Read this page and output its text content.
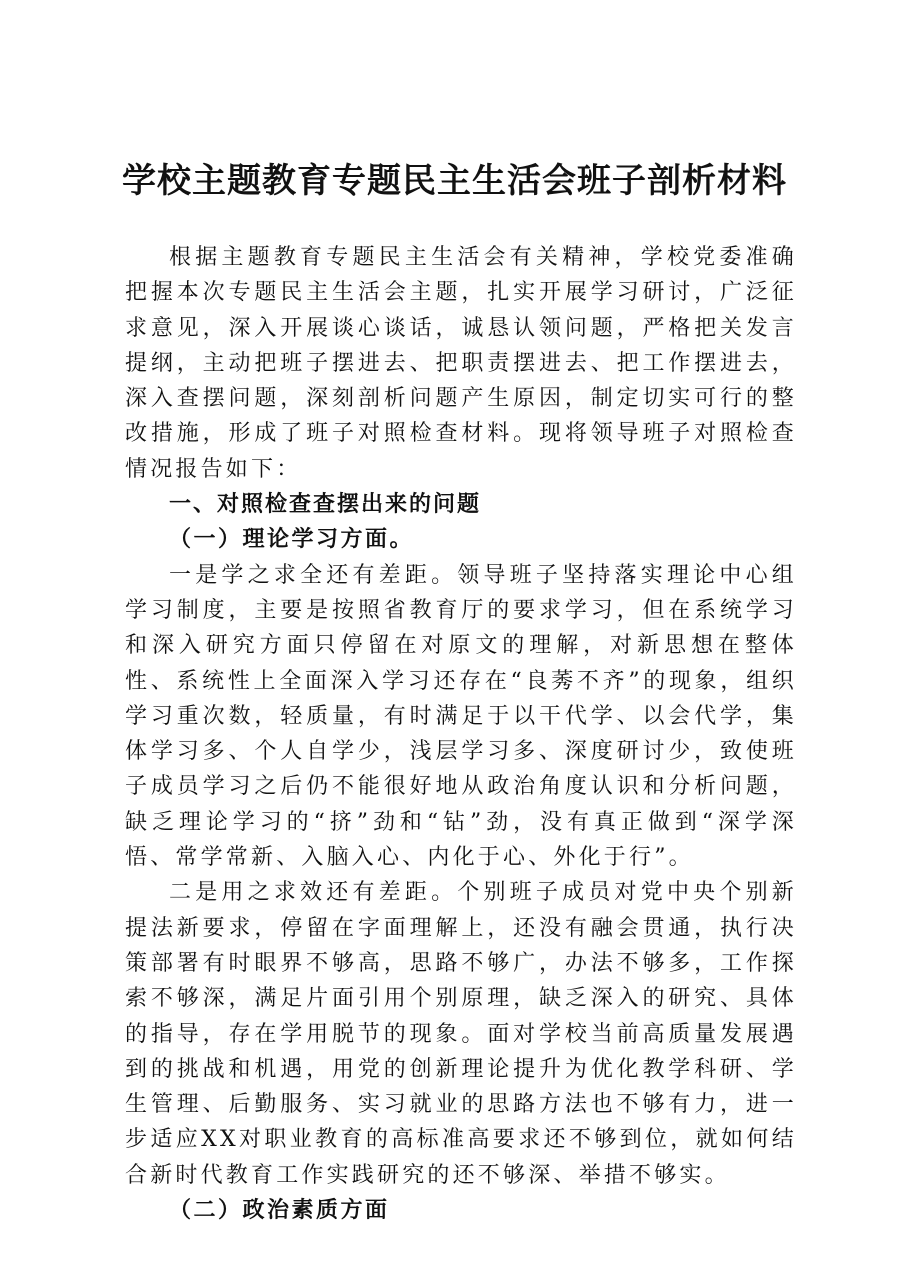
学校主题教育专题民主生活会班子剖析材料

根据主题教育专题民主生活会有关精神，学校党委准确把握本次专题民主生活会主题，扎实开展学习研讨，广泛征求意见，深入开展谈心谈话，诚恳认领问题，严格把关发言提纲，主动把班子摆进去、把职责摆进去、把工作摆进去，深入查摆问题，深刻剖析问题产生原因，制定切实可行的整改措施，形成了班子对照检查材料。现将领导班子对照检查情况报告如下：

一、对照检查查摆出来的问题

（一）理论学习方面。

一是学之求全还有差距。领导班子坚持落实理论中心组学习制度，主要是按照省教育厅的要求学习，但在系统学习和深入研究方面只停留在对原文的理解，对新思想在整体性、系统性上全面深入学习还存在“良莠不齐”的现象，组织学习重次数，轻质量，有时满足于以干代学、以会代学，集体学习多、个人自学少，浅层学习多、深度研讨少，致使班子成员学习之后仍不能很好地从政治角度认识和分析问题，缺乏理论学习的“挤”劲和“钻”劲，没有真正做到“深学深悟、常学常新、入脑入心、内化于心、外化于行”。

二是用之求效还有差距。个别班子成员对党中央个别新提法新要求，停留在字面理解上，还没有融会贯通，执行决策部署有时眼界不够高，思路不够广，办法不够多，工作探索不够深，满足片面引用个别原理，缺乏深入的研究、具体的指导，存在学用脱节的现象。面对学校当前高质量发展遇到的挑战和机遇，用党的创新理论提升为优化教学科研、学生管理、后勤服务、实习就业的思路方法也不够有力，进一步适应XX对职业教育的高标准高要求还不够到位，就如何结合新时代教育工作实践研究的还不够深、举措不够实。

（二）政治素质方面
